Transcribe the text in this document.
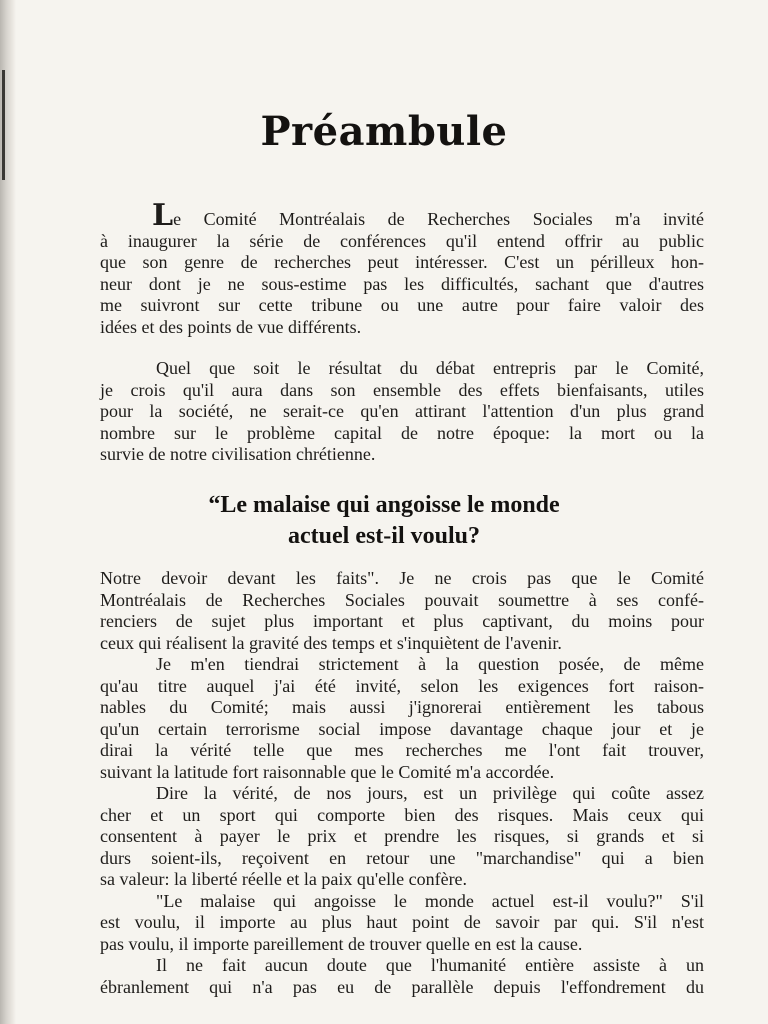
Préambule
Le Comité Montréalais de Recherches Sociales m'a invité
à inaugurer la série de conférences qu'il entend offrir au public
que son genre de recherches peut intéresser. C'est un périlleux hon-
neur dont je ne sous-estime pas les difficultés, sachant que d'autres
me suivront sur cette tribune ou une autre pour faire valoir des
idées et des points de vue différents.
Quel que soit le résultat du débat entrepris par le Comité,
je crois qu'il aura dans son ensemble des effets bienfaisants, utiles
pour la société, ne serait-ce qu'en attirant l'attention d'un plus grand
nombre sur le problème capital de notre époque: la mort ou la
survie de notre civilisation chrétienne.
“Le malaise qui angoisse le monde
actuel est-il voulu?
Notre devoir devant les faits". Je ne crois pas que le Comité
Montréalais de Recherches Sociales pouvait soumettre à ses confé-
renciers de sujet plus important et plus captivant, du moins pour
ceux qui réalisent la gravité des temps et s'inquiètent de l'avenir.
Je m'en tiendrai strictement à la question posée, de même
qu'au titre auquel j'ai été invité, selon les exigences fort raison-
nables du Comité; mais aussi j'ignorerai entièrement les tabous
qu'un certain terrorisme social impose davantage chaque jour et je
dirai la vérité telle que mes recherches me l'ont fait trouver,
suivant la latitude fort raisonnable que le Comité m'a accordée.
Dire la vérité, de nos jours, est un privilège qui coûte assez
cher et un sport qui comporte bien des risques. Mais ceux qui
consentent à payer le prix et prendre les risques, si grands et si
durs soient-ils, reçoivent en retour une "marchandise" qui a bien
sa valeur: la liberté réelle et la paix qu'elle confère.
"Le malaise qui angoisse le monde actuel est-il voulu?" S'il
est voulu, il importe au plus haut point de savoir par qui. S'il n'est
pas voulu, il importe pareillement de trouver quelle en est la cause.
Il ne fait aucun doute que l'humanité entière assiste à un
ébranlement qui n'a pas eu de parallèle depuis l'effondrement du
